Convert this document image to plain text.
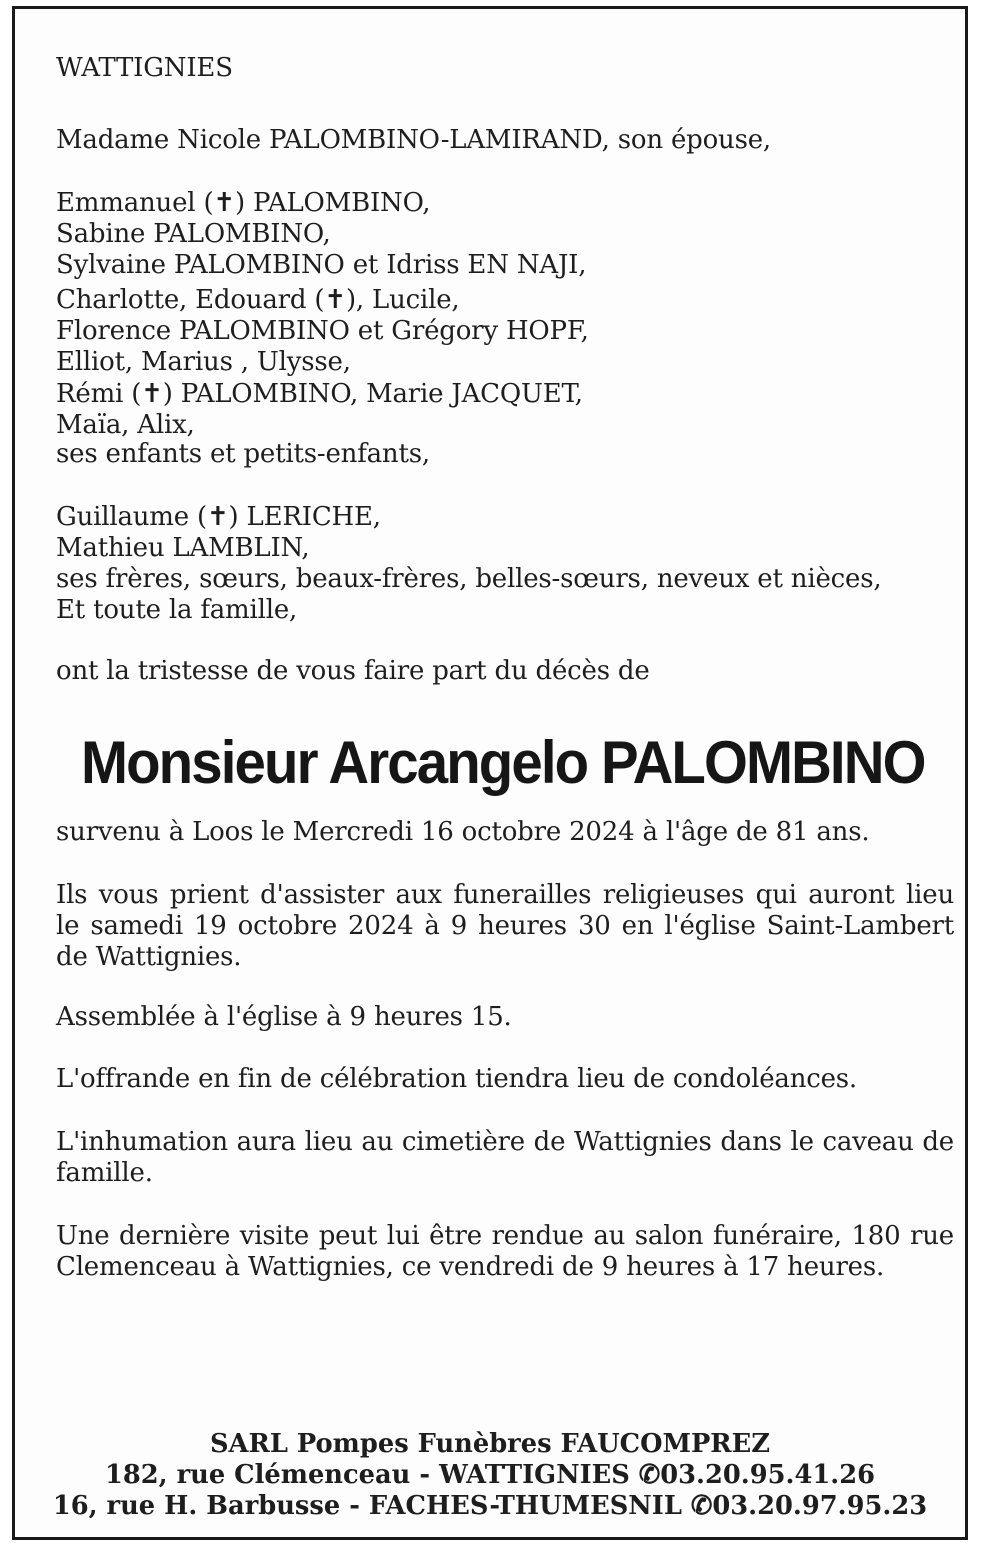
WATTIGNIES
Madame Nicole PALOMBINO-LAMIRAND, son épouse,
Emmanuel (✝) PALOMBINO,
Sabine PALOMBINO,
Sylvaine PALOMBINO et Idriss EN NAJI,
Charlotte, Edouard (✝), Lucile,
Florence PALOMBINO et Grégory HOPF,
Elliot, Marius , Ulysse,
Rémi (✝) PALOMBINO, Marie JACQUET,
Maïa, Alix,
ses enfants et petits-enfants,
Guillaume (✝) LERICHE,
Mathieu LAMBLIN,
ses frères, sœurs, beaux-frères, belles-sœurs, neveux et nièces,
Et toute la famille,
ont la tristesse de vous faire part du décès de
Monsieur Arcangelo PALOMBINO
survenu à Loos le Mercredi 16 octobre 2024 à l'âge de 81 ans.
Ils vous prient d'assister aux funerailles religieuses qui auront lieu le samedi 19 octobre 2024 à 9 heures 30 en l'église Saint-Lambert de Wattignies.
Assemblée à l'église à 9 heures 15.
L'offrande en fin de célébration tiendra lieu de condoléances.
L'inhumation aura lieu au cimetière de Wattignies dans le caveau de famille.
Une dernière visite peut lui être rendue au salon funéraire, 180 rue Clemenceau à Wattignies, ce vendredi de 9 heures à 17 heures.
SARL Pompes Funèbres FAUCOMPREZ
182, rue Clémenceau - WATTIGNIES ✆03.20.95.41.26
16, rue H. Barbusse - FACHES-THUMESNIL ✆03.20.97.95.23
